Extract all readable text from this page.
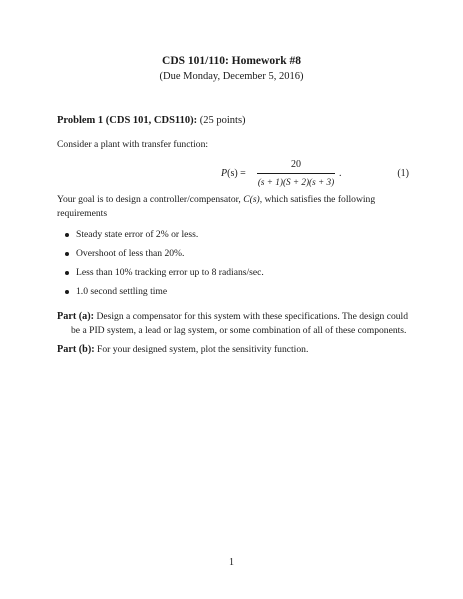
CDS 101/110: Homework #8
(Due Monday, December 5, 2016)
Problem 1 (CDS 101, CDS110): (25 points)
Consider a plant with transfer function:
P(s) =
20
(s + 1)(S + 2)(s + 3)
.	(1)
Your goal is to design a controller/compensator, C(s), which satisfies the following requirements
Steady state error of 2% or less.
Overshoot of less than 20%.
Less than 10% tracking error up to 8 radians/sec.
1.0 second settling time
Part (a): Design a compensator for this system with these specifications. The design could
be a PID system, a lead or lag system, or some combination of all of these components.
Part (b): For your designed system, plot the sensitivity function.
1
